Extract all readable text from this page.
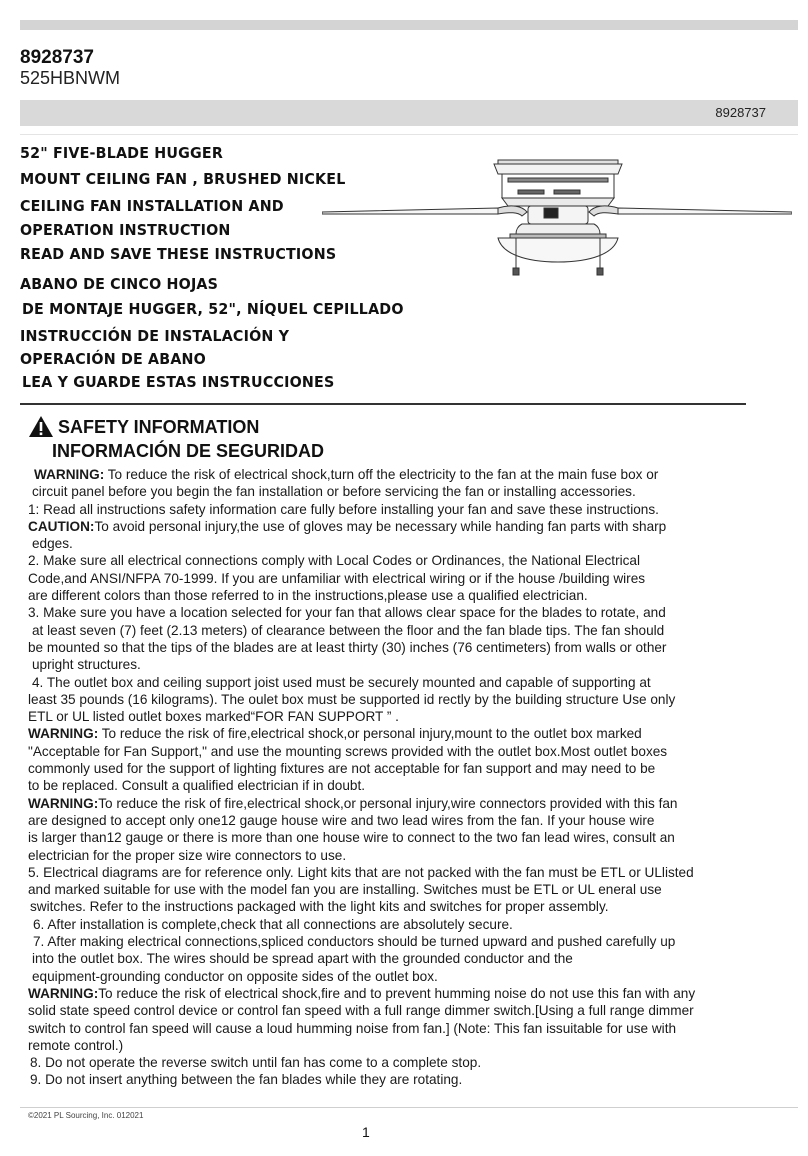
8928737
525HBNWM
8928737
52" FIVE-BLADE HUGGER
MOUNT CEILING FAN , BRUSHED NICKEL
CEILING FAN INSTALLATION AND
OPERATION INSTRUCTION
READ AND SAVE THESE INSTRUCTIONS
ABANO DE CINCO HOJAS
DE MONTAJE HUGGER, 52", NÍQUEL CEPILLADO
INSTRUCCIÓN DE INSTALACIÓN Y
OPERACIÓN DE ABANO
LEA Y GUARDE ESTAS INSTRUCCIONES
SAFETY INFORMATION
INFORMACIÓN DE SEGURIDAD

WARNING: To reduce the risk of electrical shock,turn off the electricity to the fan at the main fuse box or

circuit panel before you begin the fan installation or before servicing the fan or installing accessories.

1: Read all instructions safety information care fully before installing your fan and save these instructions.

CAUTION:To avoid personal injury,the use of gloves may be necessary while handing fan parts with sharp

edges.

2. Make sure all electrical connections comply with Local Codes or Ordinances, the National Electrical

Code,and ANSI/NFPA 70-1999. If you are unfamiliar with electrical wiring or if the house /building wires

are different colors than those referred to in the instructions,please use a qualified electrician.

3. Make sure you have a location selected for your fan that allows clear space for the blades to rotate, and

at least seven (7) feet (2.13 meters) of clearance between the floor and the fan blade tips. The fan should

be mounted so that the tips of the blades are at least thirty (30) inches (76 centimeters) from walls or other

upright structures.

4. The outlet box and ceiling support joist used must be securely mounted and capable of supporting at

least 35 pounds (16 kilograms). The oulet box must be supported id rectly by the building structure Use only

ETL or UL listed outlet boxes marked“FOR FAN SUPPORT ” .

WARNING: To reduce the risk of fire,electrical shock,or personal injury,mount to the outlet box marked

"Acceptable for Fan Support," and use the mounting screws provided with the outlet box.Most outlet boxes

commonly used for the support of lighting fixtures are not acceptable for fan support and may need to be

to be replaced. Consult a qualified electrician if in doubt.

WARNING:To reduce the risk of fire,electrical shock,or personal injury,wire connectors provided with this fan

are designed to accept only one12 gauge house wire and two lead wires from the fan. If your house wire

is larger than12 gauge or there is more than one house wire to connect to the two fan lead wires, consult an

electrician for the proper size wire connectors to use.

5. Electrical diagrams are for reference only. Light kits that are not packed with the fan must be ETL or ULlisted

and marked suitable for use with the model fan you are installing. Switches must be ETL or UL eneral use

switches. Refer to the instructions packaged with the light kits and switches for proper assembly.

6. After installation is complete,check that all connections are absolutely secure.

7. After making electrical connections,spliced conductors should be turned upward and pushed carefully up

into the outlet box. The wires should be spread apart with the grounded conductor and the

equipment-grounding conductor on opposite sides of the outlet box.

WARNING:To reduce the risk of electrical shock,fire and to prevent humming noise do not use this fan with any

solid state speed control device or control fan speed with a full range dimmer switch.[Using a full range dimmer

switch to control fan speed will cause a loud humming noise from fan.] (Note: This fan issuitable for use with

remote control.)

8. Do not operate the reverse switch until fan has come to a complete stop.

9. Do not insert anything between the fan blades while they are rotating.

©2021 PL Sourcing, Inc. 012021
1
